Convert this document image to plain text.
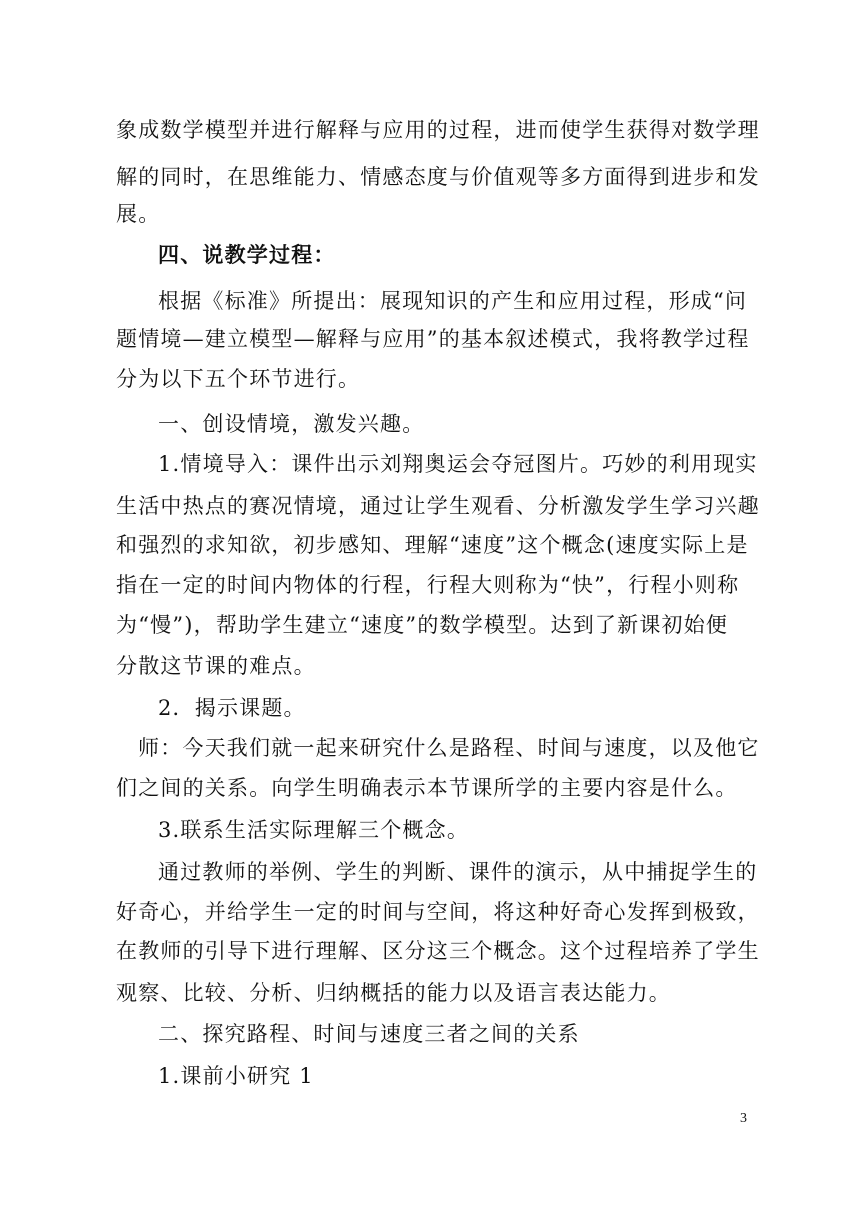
象成数学模型并进行解释与应用的过程，进而使学生获得对数学理
解的同时，在思维能力、情感态度与价值观等多方面得到进步和发
展。
四、说教学过程：
根据《标准》所提出：展现知识的产生和应用过程，形成“问
题情境—建立模型—解释与应用”的基本叙述模式，我将教学过程
分为以下五个环节进行。
一、创设情境，激发兴趣。
1.情境导入：课件出示刘翔奥运会夺冠图片。巧妙的利用现实
生活中热点的赛况情境，通过让学生观看、分析激发学生学习兴趣
和强烈的求知欲，初步感知、理解“速度”这个概念(速度实际上是
指在一定的时间内物体的行程，行程大则称为“快”，行程小则称
为“慢”)，帮助学生建立“速度”的数学模型。达到了新课初始便
分散这节课的难点。
2．揭示课题。
师：今天我们就一起来研究什么是路程、时间与速度，以及他它
们之间的关系。向学生明确表示本节课所学的主要内容是什么。
3.联系生活实际理解三个概念。
通过教师的举例、学生的判断、课件的演示，从中捕捉学生的
好奇心，并给学生一定的时间与空间，将这种好奇心发挥到极致，
在教师的引导下进行理解、区分这三个概念。这个过程培养了学生
观察、比较、分析、归纳概括的能力以及语言表达能力。
二、探究路程、时间与速度三者之间的关系
1.课前小研究 1
3
